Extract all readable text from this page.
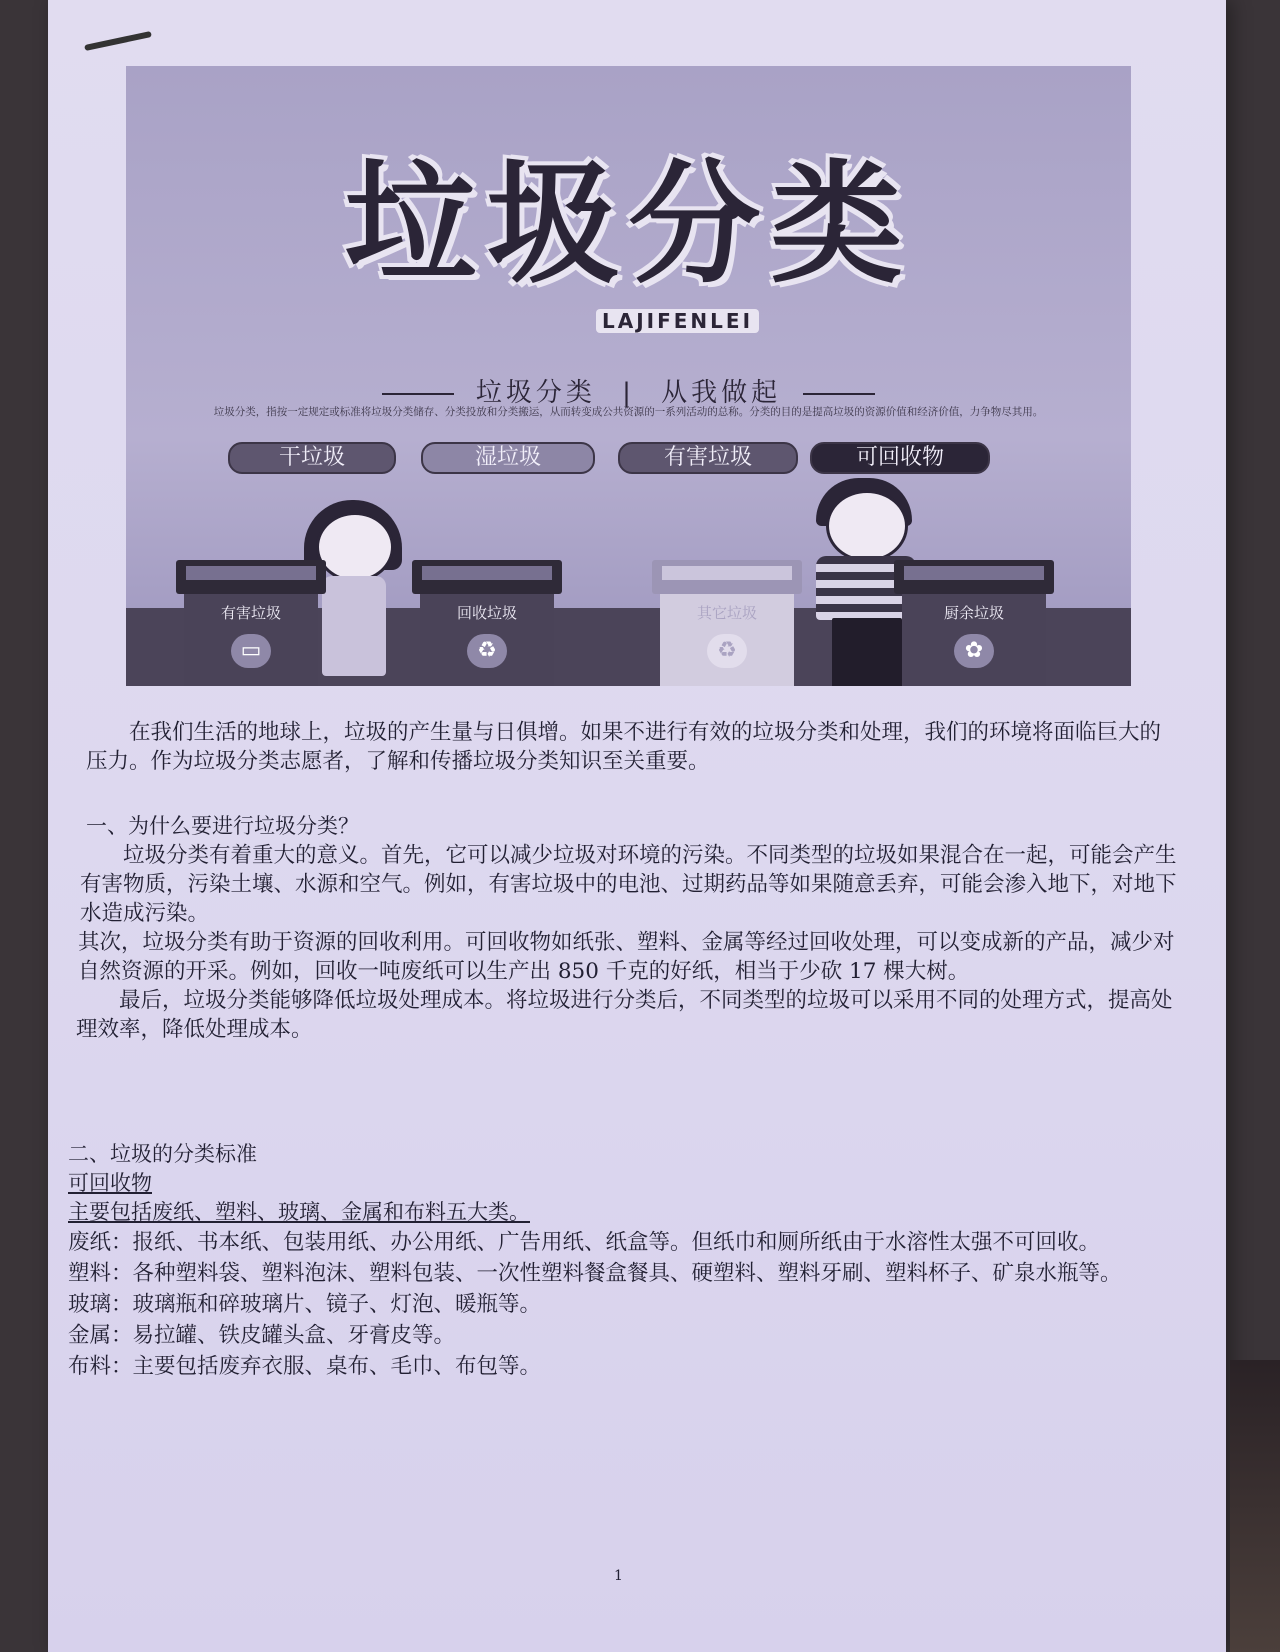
垃圾分类
LAJIFENLEI
垃圾分类 | 从我做起
垃圾分类，指按一定规定或标准将垃圾分类储存、分类投放和分类搬运，从而转变成公共资源的一系列活动的总称。分类的目的是提高垃圾的资源价值和经济价值，力争物尽其用。
干垃圾	湿垃圾	有害垃圾	可回收物
有害垃圾
▭
回收垃圾
♻
其它垃圾
♻
厨余垃圾
✿

在我们生活的地球上，垃圾的产生量与日俱增。如果不进行有效的垃圾分类和处理，我们的环境将面临巨大的压力。作为垃圾分类志愿者，了解和传播垃圾分类知识至关重要。

一、为什么要进行垃圾分类？

垃圾分类有着重大的意义。首先，它可以减少垃圾对环境的污染。不同类型的垃圾如果混合在一起，可能会产生有害物质，污染土壤、水源和空气。例如，有害垃圾中的电池、过期药品等如果随意丢弃，可能会渗入地下，对地下水造成污染。

其次，垃圾分类有助于资源的回收利用。可回收物如纸张、塑料、金属等经过回收处理，可以变成新的产品，减少对自然资源的开采。例如，回收一吨废纸可以生产出 850 千克的好纸，相当于少砍 17 棵大树。

最后，垃圾分类能够降低垃圾处理成本。将垃圾进行分类后，不同类型的垃圾可以采用不同的处理方式，提高处理效率，降低处理成本。

二、垃圾的分类标准

可回收物

主要包括废纸、塑料、玻璃、金属和布料五大类。

废纸：报纸、书本纸、包装用纸、办公用纸、广告用纸、纸盒等。但纸巾和厕所纸由于水溶性太强不可回收。

塑料：各种塑料袋、塑料泡沫、塑料包装、一次性塑料餐盒餐具、硬塑料、塑料牙刷、塑料杯子、矿泉水瓶等。

玻璃：玻璃瓶和碎玻璃片、镜子、灯泡、暖瓶等。

金属：易拉罐、铁皮罐头盒、牙膏皮等。

布料：主要包括废弃衣服、桌布、毛巾、布包等。

1
